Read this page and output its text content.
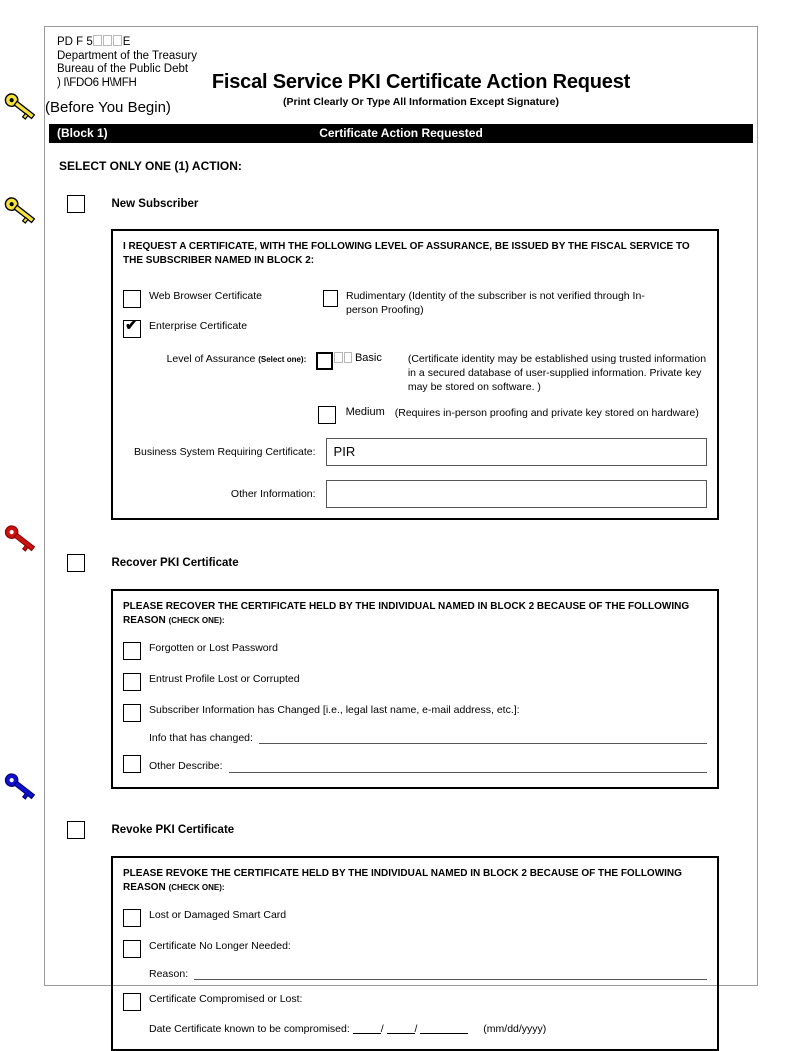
PD F 5	E
Department of the Treasury
Bureau of the Public Debt
) I\FDO6 H\MFH	Fiscal Service PKI Certificate Action Request
(Print Clearly Or Type All Information Except Signature)
(Before You Begin)
(Block 1)	Certificate Action Requested
SELECT ONLY ONE (1) ACTION:
New Subscriber
I REQUEST A CERTIFICATE, WITH THE FOLLOWING LEVEL OF ASSURANCE, BE ISSUED BY THE FISCAL SERVICE TO THE SUBSCRIBER NAMED IN BLOCK 2:
Web Browser Certificate
✔
Enterprise Certificate
Rudimentary (Identity of the subscriber is not verified through In-person Proofing)
Level of Assurance (Select one):	Basic (Certificate identity may be established using trusted information in a secured database of user-supplied information. Private key may be stored on software. )
Medium (Requires in-person proofing and private key stored on hardware)
Business System Requiring Certificate:	PIR
Other Information:
Recover PKI Certificate
PLEASE RECOVER THE CERTIFICATE HELD BY THE INDIVIDUAL NAMED IN BLOCK 2 BECAUSE OF THE FOLLOWING REASON (CHECK ONE):
Forgotten or Lost Password
Entrust Profile Lost or Corrupted
Subscriber Information has Changed [i.e., legal last name, e-mail address, etc.]:
Info that has changed:
Other Describe:
Revoke PKI Certificate
PLEASE REVOKE THE CERTIFICATE HELD BY THE INDIVIDUAL NAMED IN BLOCK 2 BECAUSE OF THE FOLLOWING REASON (CHECK ONE):
Lost or Damaged Smart Card
Certificate No Longer Needed:
Reason:
Certificate Compromised or Lost:
Date Certificate known to be compromised:	/	/	(mm/dd/yyyy)
